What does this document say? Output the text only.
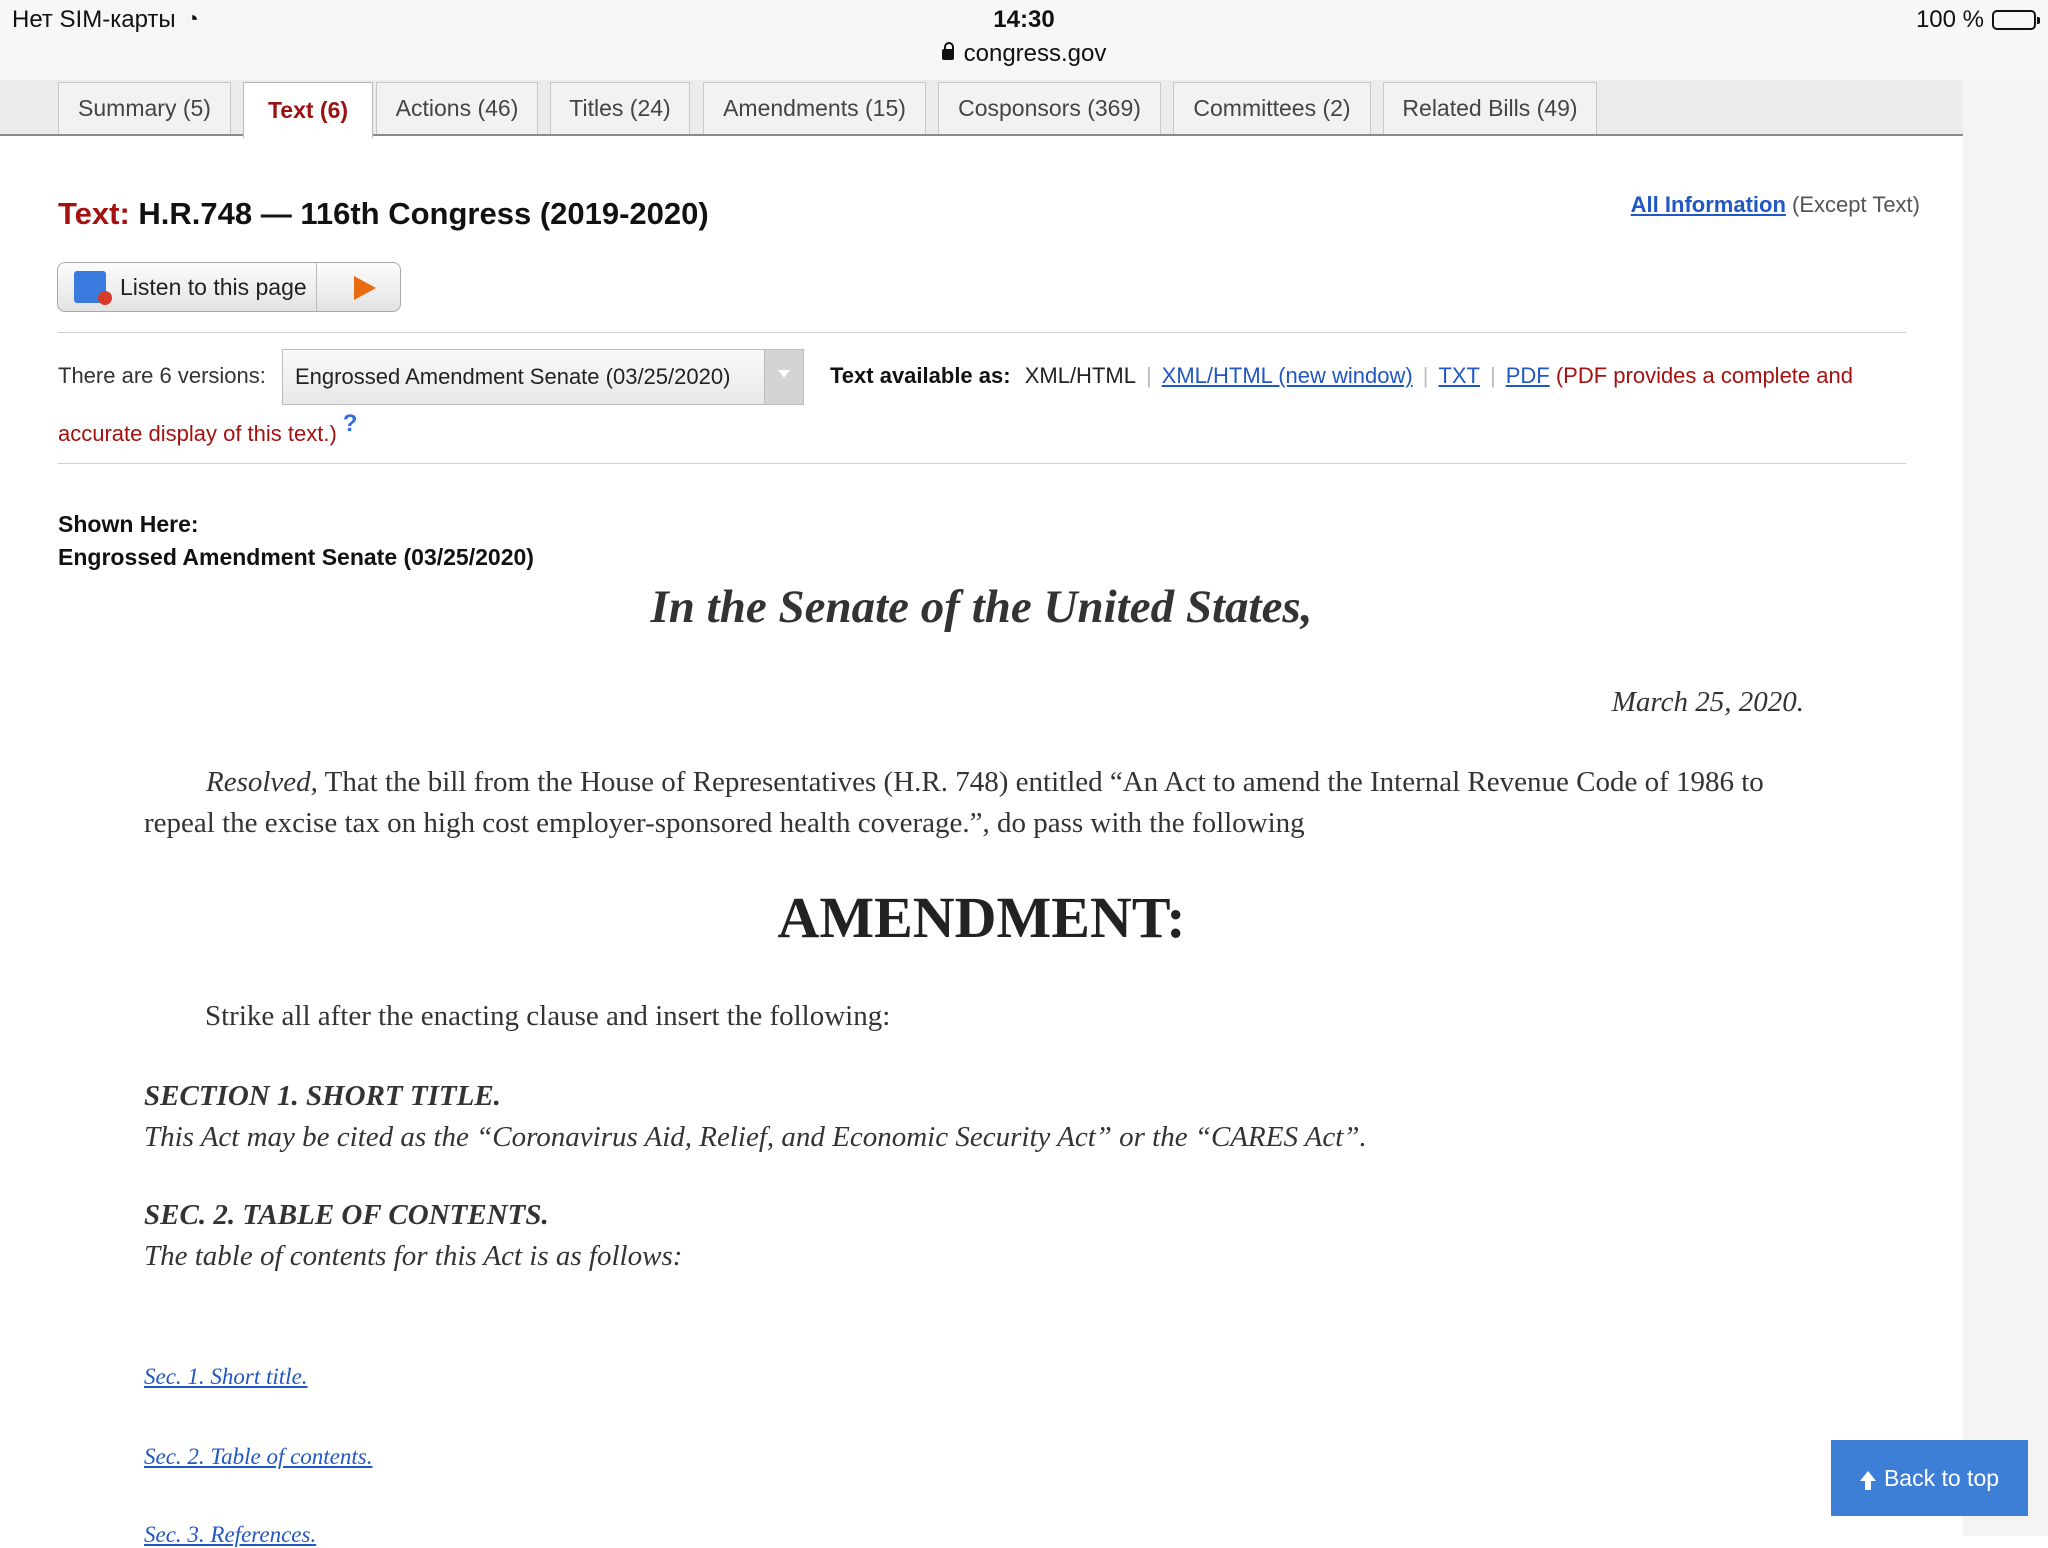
Нет SIM-карты
◔	14:30
congress.gov
100 %
Summary (5)	Text (6)	Actions (46)	Titles (24)	Amendments (15)	Cosponsors (369)	Committees (2)	Related Bills (49)
Text: H.R.748 — 116th Congress (2019-2020)	All Information (Except Text)
Listen to this page
There are 6 versions: Engrossed Amendment Senate (03/25/2020)	Text available as: XML/HTML | XML/HTML (new window) | TXT | PDF (PDF provides a complete and
accurate display of this text.) ?
Shown Here:
Engrossed Amendment Senate (03/25/2020)
In the Senate of the United States,
March 25, 2020.
Resolved, That the bill from the House of Representatives (H.R. 748) entitled “An Act to amend the Internal Revenue Code of 1986 to repeal the excise tax on high cost employer-sponsored health coverage.”, do pass with the following
AMENDMENT:
Strike all after the enacting clause and insert the following:
SECTION 1. SHORT TITLE.
This Act may be cited as the “Coronavirus Aid, Relief, and Economic Security Act” or the “CARES Act”.
SEC. 2. TABLE OF CONTENTS.
The table of contents for this Act is as follows:
Sec. 1. Short title.
Sec. 2. Table of contents.
Sec. 3. References.
Back to top
